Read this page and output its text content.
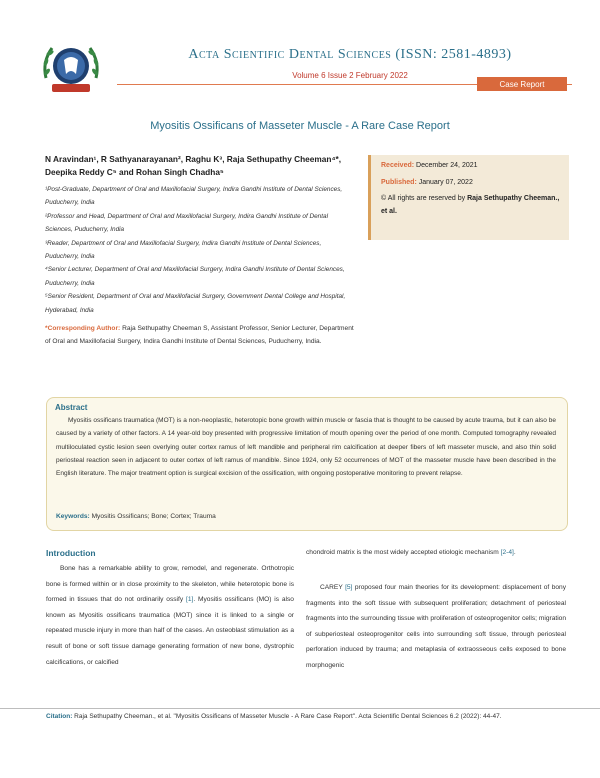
Acta Scientific Dental Sciences (ISSN: 2581-4893)
Volume 6 Issue 2 February 2022
Case Report
Myositis Ossificans of Masseter Muscle - A Rare Case Report
N Aravindan¹, R Sathyanarayanan², Raghu K³, Raja Sethupathy Cheeman⁴*, Deepika Reddy C⁵ and Rohan Singh Chadha⁵

¹Post-Graduate, Department of Oral and Maxillofacial Surgery, Indira Gandhi Institute of Dental Sciences, Puducherry, India

²Professor and Head, Department of Oral and Maxillofacial Surgery, Indira Gandhi Institute of Dental Sciences, Puducherry, India

³Reader, Department of Oral and Maxillofacial Surgery, Indira Gandhi Institute of Dental Sciences, Puducherry, India

⁴Senior Lecturer, Department of Oral and Maxillofacial Surgery, Indira Gandhi Institute of Dental Sciences, Puducherry, India

⁵Senior Resident, Department of Oral and Maxillofacial Surgery, Government Dental College and Hospital, Hyderabad, India

*Corresponding Author: Raja Sethupathy Cheeman S, Assistant Professor, Senior Lecturer, Department of Oral and Maxillofacial Surgery, Indira Gandhi Institute of Dental Sciences, Puducherry, India.
Received: December 24, 2021
Published: January 07, 2022
© All rights are reserved by Raja Sethupathy Cheeman., et al.
Abstract
Myositis ossificans traumatica (MOT) is a non-neoplastic, heterotopic bone growth within muscle or fascia that is thought to be caused by acute trauma, but it can also be caused by a variety of other factors. A 14 year-old boy presented with progressive limitation of mouth opening over the period of one month. Computed tomography revealed multiloculated cystic lesion seen overlying outer cortex ramus of left mandible and peripheral rim calcification at deeper fibers of left masseter muscle, and also thin solid periosteal reaction seen in adjacent to outer cortex of left ramus of mandible. Since 1924, only 52 occurrences of MOT of the masseter muscle have been described in the English literature. The major treatment option is surgical excision of the ossification, with ongoing postoperative monitoring to prevent relapse.
Keywords: Myositis Ossificans; Bone; Cortex; Trauma
Introduction
Bone has a remarkable ability to grow, remodel, and regenerate. Orthotropic bone is formed within or in close proximity to the skeleton, while heterotopic bone is formed in tissues that do not ordinarily ossify [1]. Myositis ossificans (MO) is also known as Myositis ossificans traumatica (MOT) since it is linked to a single or repeated muscle injury in more than half of the cases. An osteoblast stimulation as a result of bone or soft tissue damage generating formation of new bone, dystrophic calcifications, or calcified
chondroid matrix is the most widely accepted etiologic mechanism [2-4].
CAREY [5] proposed four main theories for its development: displacement of bony fragments into the soft tissue with subsequent proliferation; detachment of periosteal fragments into the surrounding tissue with proliferation of osteoprogenitor cells; migration of subperiosteal osteoprogenitor cells into surrounding soft tissue, through periosteal perforation induced by trauma; and metaplasia of extraosseous cells exposed to bone morphogenic
Citation: Raja Sethupathy Cheeman., et al. "Myositis Ossificans of Masseter Muscle - A Rare Case Report". Acta Scientific Dental Sciences 6.2 (2022): 44-47.
